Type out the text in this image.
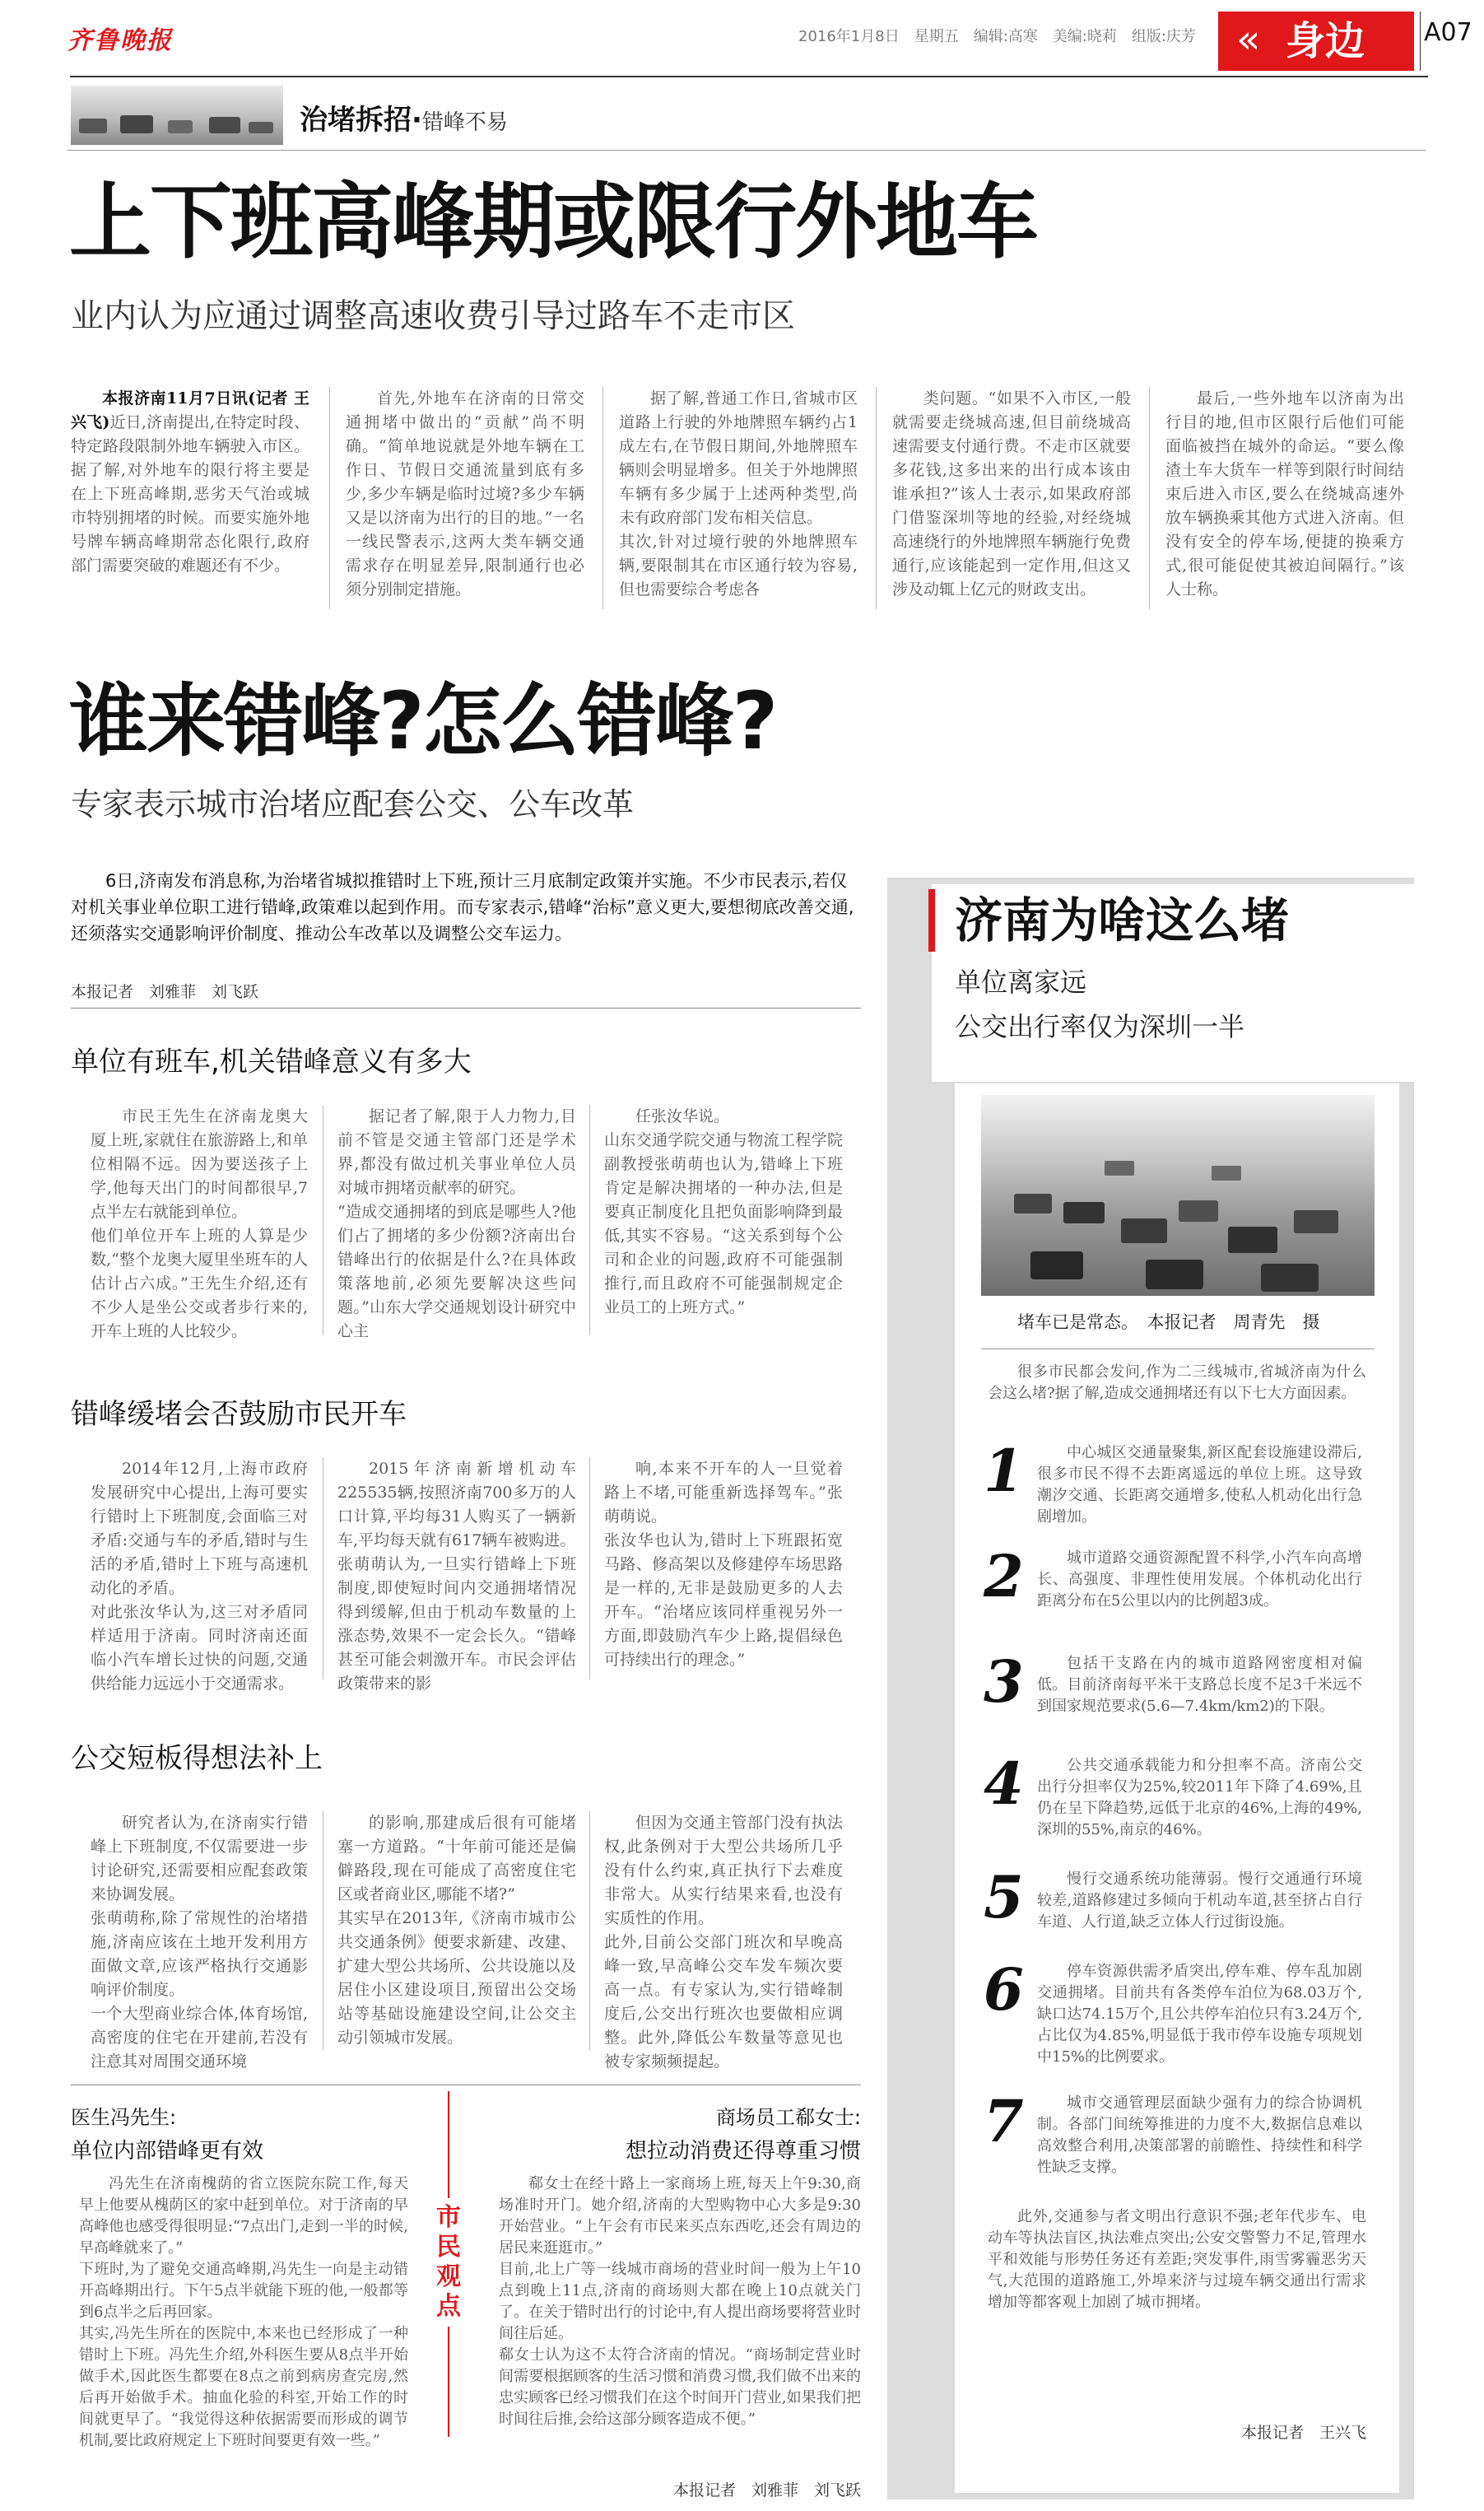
齐鲁晚报	2016年1月8日　星期五　编辑:高寒　美编:晓莉　组版:庆芳 « 身边 A07
治堵拆招·错峰不易
上下班高峰期或限行外地车
业内认为应通过调整高速收费引导过路车不走市区
本报济南11月7日讯(记者 王兴飞)近日,济南提出,在特定时段、特定路段限制外地车辆驶入市区。据了解,对外地车的限行将主要是在上下班高峰期,恶劣天气治或城市特别拥堵的时候。而要实施外地号牌车辆高峰期常态化限行,政府部门需要突破的难题还有不少。

首先,外地车在济南的日常交通拥堵中做出的“贡献”尚不明确。“简单地说就是外地车辆在工作日、节假日交通流量到底有多少,多少车辆是临时过境?多少车辆又是以济南为出行的目的地。”一名一线民警表示,这两大类车辆交通需求存在明显差异,限制通行也必须分别制定措施。

据了解,普通工作日,省城市区道路上行驶的外地牌照车辆约占1成左右,在节假日期间,外地牌照车辆则会明显增多。但关于外地牌照车辆有多少属于上述两种类型,尚未有政府部门发布相关信息。
其次,针对过境行驶的外地牌照车辆,要限制其在市区通行较为容易,但也需要综合考虑各

类问题。“如果不入市区,一般就需要走绕城高速,但目前绕城高速需要支付通行费。不走市区就要多花钱,这多出来的出行成本该由谁承担?”该人士表示,如果政府部门借鉴深圳等地的经验,对经绕城高速绕行的外地牌照车辆施行免费通行,应该能起到一定作用,但这又涉及动辄上亿元的财政支出。

最后,一些外地车以济南为出行目的地,但市区限行后他们可能面临被挡在城外的命运。“要么像渣土车大货车一样等到限行时间结束后进入市区,要么在绕城高速外放车辆换乘其他方式进入济南。但没有安全的停车场,便捷的换乘方式,很可能促使其被迫间隔行。”该人士称。

谁来错峰?怎么错峰?
专家表示城市治堵应配套公交、公车改革
6日,济南发布消息称,为治堵省城拟推错时上下班,预计三月底制定政策并实施。不少市民表示,若仅对机关事业单位职工进行错峰,政策难以起到作用。而专家表示,错峰“治标”意义更大,要想彻底改善交通,还须落实交通影响评价制度、推动公车改革以及调整公交车运力。
本报记者　刘雅菲　刘飞跃
单位有班车,机关错峰意义有多大

市民王先生在济南龙奥大厦上班,家就住在旅游路上,和单位相隔不远。因为要送孩子上学,他每天出门的时间都很早,7点半左右就能到单位。
他们单位开车上班的人算是少数,“整个龙奥大厦里坐班车的人估计占六成。”王先生介绍,还有不少人是坐公交或者步行来的,开车上班的人比较少。

据记者了解,限于人力物力,目前不管是交通主管部门还是学术界,都没有做过机关事业单位人员对城市拥堵贡献率的研究。
“造成交通拥堵的到底是哪些人?他们占了拥堵的多少份额?济南出台错峰出行的依据是什么?在具体政策落地前,必须先要解决这些问题。”山东大学交通规划设计研究中心主

任张汝华说。
山东交通学院交通与物流工程学院副教授张萌萌也认为,错峰上下班肯定是解决拥堵的一种办法,但是要真正制度化且把负面影响降到最低,其实不容易。“这关系到每个公司和企业的问题,政府不可能强制推行,而且政府不可能强制规定企业员工的上班方式。”

错峰缓堵会否鼓励市民开车

2014年12月,上海市政府发展研究中心提出,上海可要实行错时上下班制度,会面临三对矛盾:交通与车的矛盾,错时与生活的矛盾,错时上下班与高速机动化的矛盾。
对此张汝华认为,这三对矛盾同样适用于济南。同时济南还面临小汽车增长过快的问题,交通供给能力远远小于交通需求。

2015年济南新增机动车225535辆,按照济南700多万的人口计算,平均每31人购买了一辆新车,平均每天就有617辆车被购进。
张萌萌认为,一旦实行错峰上下班制度,即使短时间内交通拥堵情况得到缓解,但由于机动车数量的上涨态势,效果不一定会长久。“错峰甚至可能会刺激开车。市民会评估政策带来的影

响,本来不开车的人一旦觉着路上不堵,可能重新选择驾车。”张萌萌说。
张汝华也认为,错时上下班跟拓宽马路、修高架以及修建停车场思路是一样的,无非是鼓励更多的人去开车。“治堵应该同样重视另外一方面,即鼓励汽车少上路,提倡绿色可持续出行的理念。”

公交短板得想法补上

研究者认为,在济南实行错峰上下班制度,不仅需要进一步讨论研究,还需要相应配套政策来协调发展。
张萌萌称,除了常规性的治堵措施,济南应该在土地开发利用方面做文章,应该严格执行交通影响评价制度。
一个大型商业综合体,体育场馆,高密度的住宅在开建前,若没有注意其对周围交通环境

的影响,那建成后很有可能堵塞一方道路。“十年前可能还是偏僻路段,现在可能成了高密度住宅区或者商业区,哪能不堵?”
其实早在2013年,《济南市城市公共交通条例》便要求新建、改建、扩建大型公共场所、公共设施以及居住小区建设项目,预留出公交场站等基础设施建设空间,让公交主动引领城市发展。

但因为交通主管部门没有执法权,此条例对于大型公共场所几乎没有什么约束,真正执行下去难度非常大。从实行结果来看,也没有实质性的作用。
此外,目前公交部门班次和早晚高峰一致,早高峰公交车发车频次要高一点。有专家认为,实行错峰制度后,公交出行班次也要做相应调整。此外,降低公车数量等意见也被专家频频提起。

医生冯先生:
单位内部错峰更有效

冯先生在济南槐荫的省立医院东院工作,每天早上他要从槐荫区的家中赶到单位。对于济南的早高峰他也感受得很明显:“7点出门,走到一半的时候,早高峰就来了。”
下班时,为了避免交通高峰期,冯先生一向是主动错开高峰期出行。下午5点半就能下班的他,一般都等到6点半之后再回家。
其实,冯先生所在的医院中,本来也已经形成了一种错时上下班。冯先生介绍,外科医生要从8点半开始做手术,因此医生都要在8点之前到病房查完房,然后再开始做手术。抽血化验的科室,开始工作的时间就更早了。“我觉得这种依据需要而形成的调节机制,要比政府规定上下班时间要更有效一些。”

市民观点
商场员工郗女士:
想拉动消费还得尊重习惯

郗女士在经十路上一家商场上班,每天上午9:30,商场准时开门。她介绍,济南的大型购物中心大多是9:30开始营业。“上午会有市民来买点东西吃,还会有周边的居民来逛逛市。”
目前,北上广等一线城市商场的营业时间一般为上午10点到晚上11点,济南的商场则大都在晚上10点就关门了。在关于错时出行的讨论中,有人提出商场要将营业时间往后延。
郗女士认为这不太符合济南的情况。“商场制定营业时间需要根据顾客的生活习惯和消费习惯,我们做不出来的忠实顾客已经习惯我们在这个时间开门营业,如果我们把时间往后推,会给这部分顾客造成不便。”

本报记者　刘雅菲　刘飞跃
济南为啥这么堵
单位离家远
公交出行率仅为深圳一半
堵车已是常态。　本报记者　周青先　摄

很多市民都会发问,作为二三线城市,省城济南为什么会这么堵?据了解,造成交通拥堵还有以下七大方面因素。

1	中心城区交通量聚集,新区配套设施建设滞后,很多市民不得不去距离遥远的单位上班。这导致潮汐交通、长距离交通增多,使私人机动化出行急剧增加。
2	城市道路交通资源配置不科学,小汽车向高增长、高强度、非理性使用发展。个体机动化出行距离分布在5公里以内的比例超3成。
3	包括干支路在内的城市道路网密度相对偏低。目前济南每平米干支路总长度不足3千米远不到国家规范要求(5.6—7.4km/km2)的下限。
4	公共交通承载能力和分担率不高。济南公交出行分担率仅为25%,较2011年下降了4.69%,且仍在呈下降趋势,远低于北京的46%,上海的49%,深圳的55%,南京的46%。
5	慢行交通系统功能薄弱。慢行交通通行环境较差,道路修建过多倾向于机动车道,甚至挤占自行车道、人行道,缺乏立体人行过街设施。
6	停车资源供需矛盾突出,停车难、停车乱加剧交通拥堵。目前共有各类停车泊位为68.03万个,缺口达74.15万个,且公共停车泊位只有3.24万个,占比仅为4.85%,明显低于我市停车设施专项规划中15%的比例要求。
7	城市交通管理层面缺少强有力的综合协调机制。各部门间统筹推进的力度不大,数据信息难以高效整合利用,决策部署的前瞻性、持续性和科学性缺乏支撑。

此外,交通参与者文明出行意识不强;老年代步车、电动车等执法盲区,执法难点突出;公安交警警力不足,管理水平和效能与形势任务还有差距;突发事件,雨雪雾霾恶劣天气,大范围的道路施工,外埠来济与过境车辆交通出行需求增加等都客观上加剧了城市拥堵。

本报记者　王兴飞
